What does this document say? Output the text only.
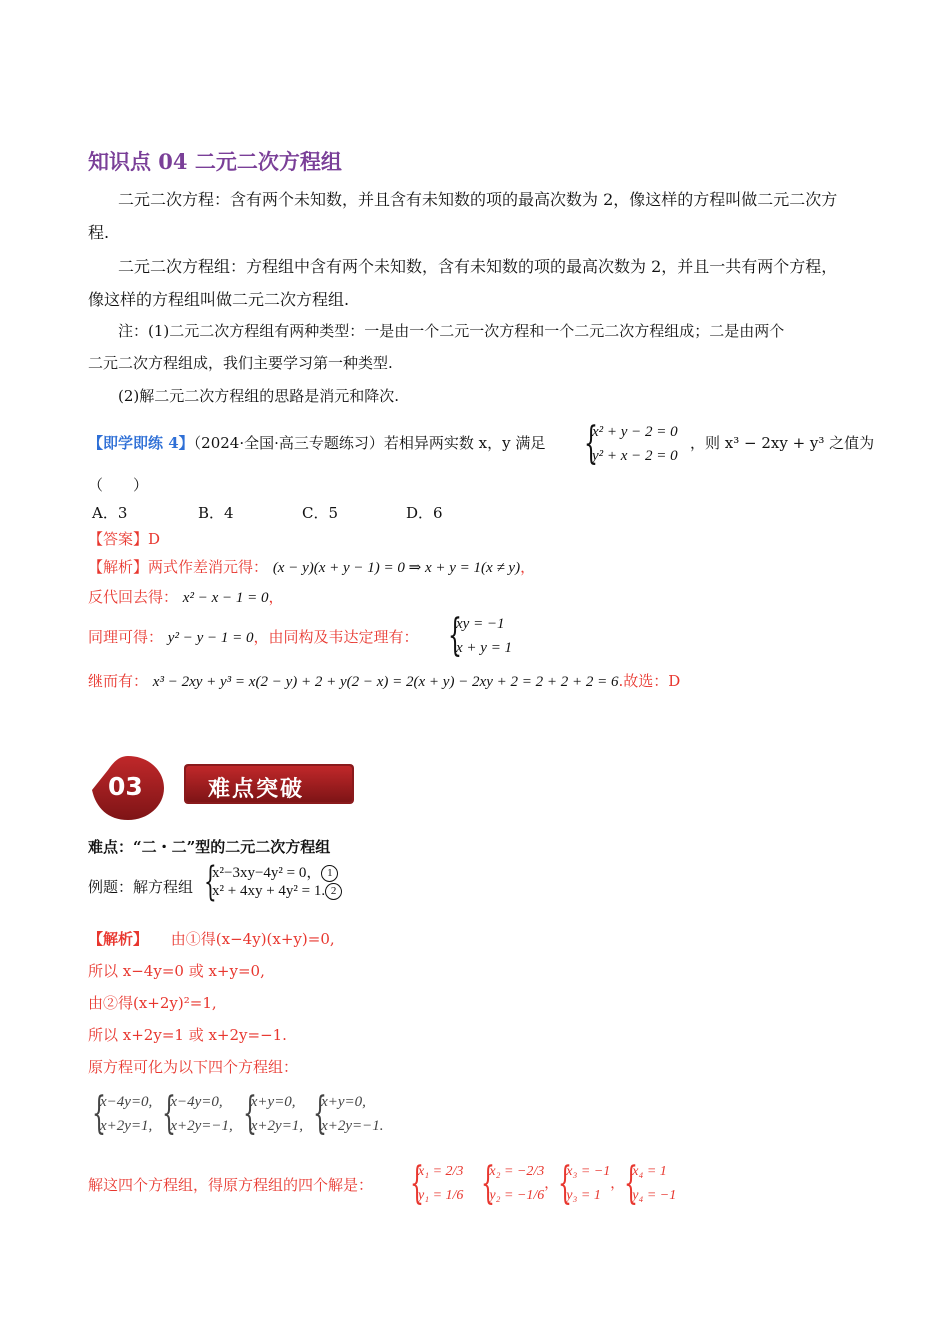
知识点 04 二元二次方程组
二元二次方程：含有两个未知数，并且含有未知数的项的最高次数为 2，像这样的方程叫做二元二次方
程.
二元二次方程组：方程组中含有两个未知数，含有未知数的项的最高次数为 2，并且一共有两个方程，
像这样的方程组叫做二元二次方程组.
注：(1)二元二次方程组有两种类型：一是由一个二元一次方程和一个二元二次方程组成；二是由两个
二元二次方程组成，我们主要学习第一种类型.
(2)解二元二次方程组的思路是消元和降次.
【即学即练 4】（2024·全国·高三专题练习）若相异两实数 x，y 满足 {
x² + y − 2 = 0
y² + x − 2 = 0
，则 x³ − 2xy + y³ 之值为
（　　）
A．3	B．4	C．5	D．6
【答案】D
【解析】两式作差消元得： (x − y)(x + y − 1) = 0 ⇒ x + y = 1(x ≠ y)，
反代回去得： x² − x − 1 = 0，
同理可得： y² − y − 1 = 0，由同构及韦达定理有： {
xy = −1
x + y = 1
继而有： x³ − 2xy + y³ = x(2 − y) + 2 + y(2 − x) = 2(x + y) − 2xy + 2 = 2 + 2 + 2 = 6.故选：D
03	难点突破
难点：“二・二”型的二元二次方程组
例题：解方程组 {
x²−3xy−4y² = 0， 1
x² + 4xy + 4y² = 1. 2
【解析】 由①得(x−4y)(x+y)=0,
所以 x−4y=0 或 x+y=0,
由②得(x+2y)²=1,
所以 x+2y=1 或 x+2y=−1.
原方程可化为以下四个方程组：
{
x−4y=0,
x+2y=1, {
x−4y=0,
x+2y=−1, {
x+y=0,
x+2y=1, {
x+y=0,
x+2y=−1.
解这四个方程组，得原方程组的四个解是： {
x₁ = 2/3
y₁ = 1/6 {
x₂ = −2/3
y₂ = −1/6
， {
x₃ = −1
y₃ = 1
， {
x₄ = 1
y₄ = −1
